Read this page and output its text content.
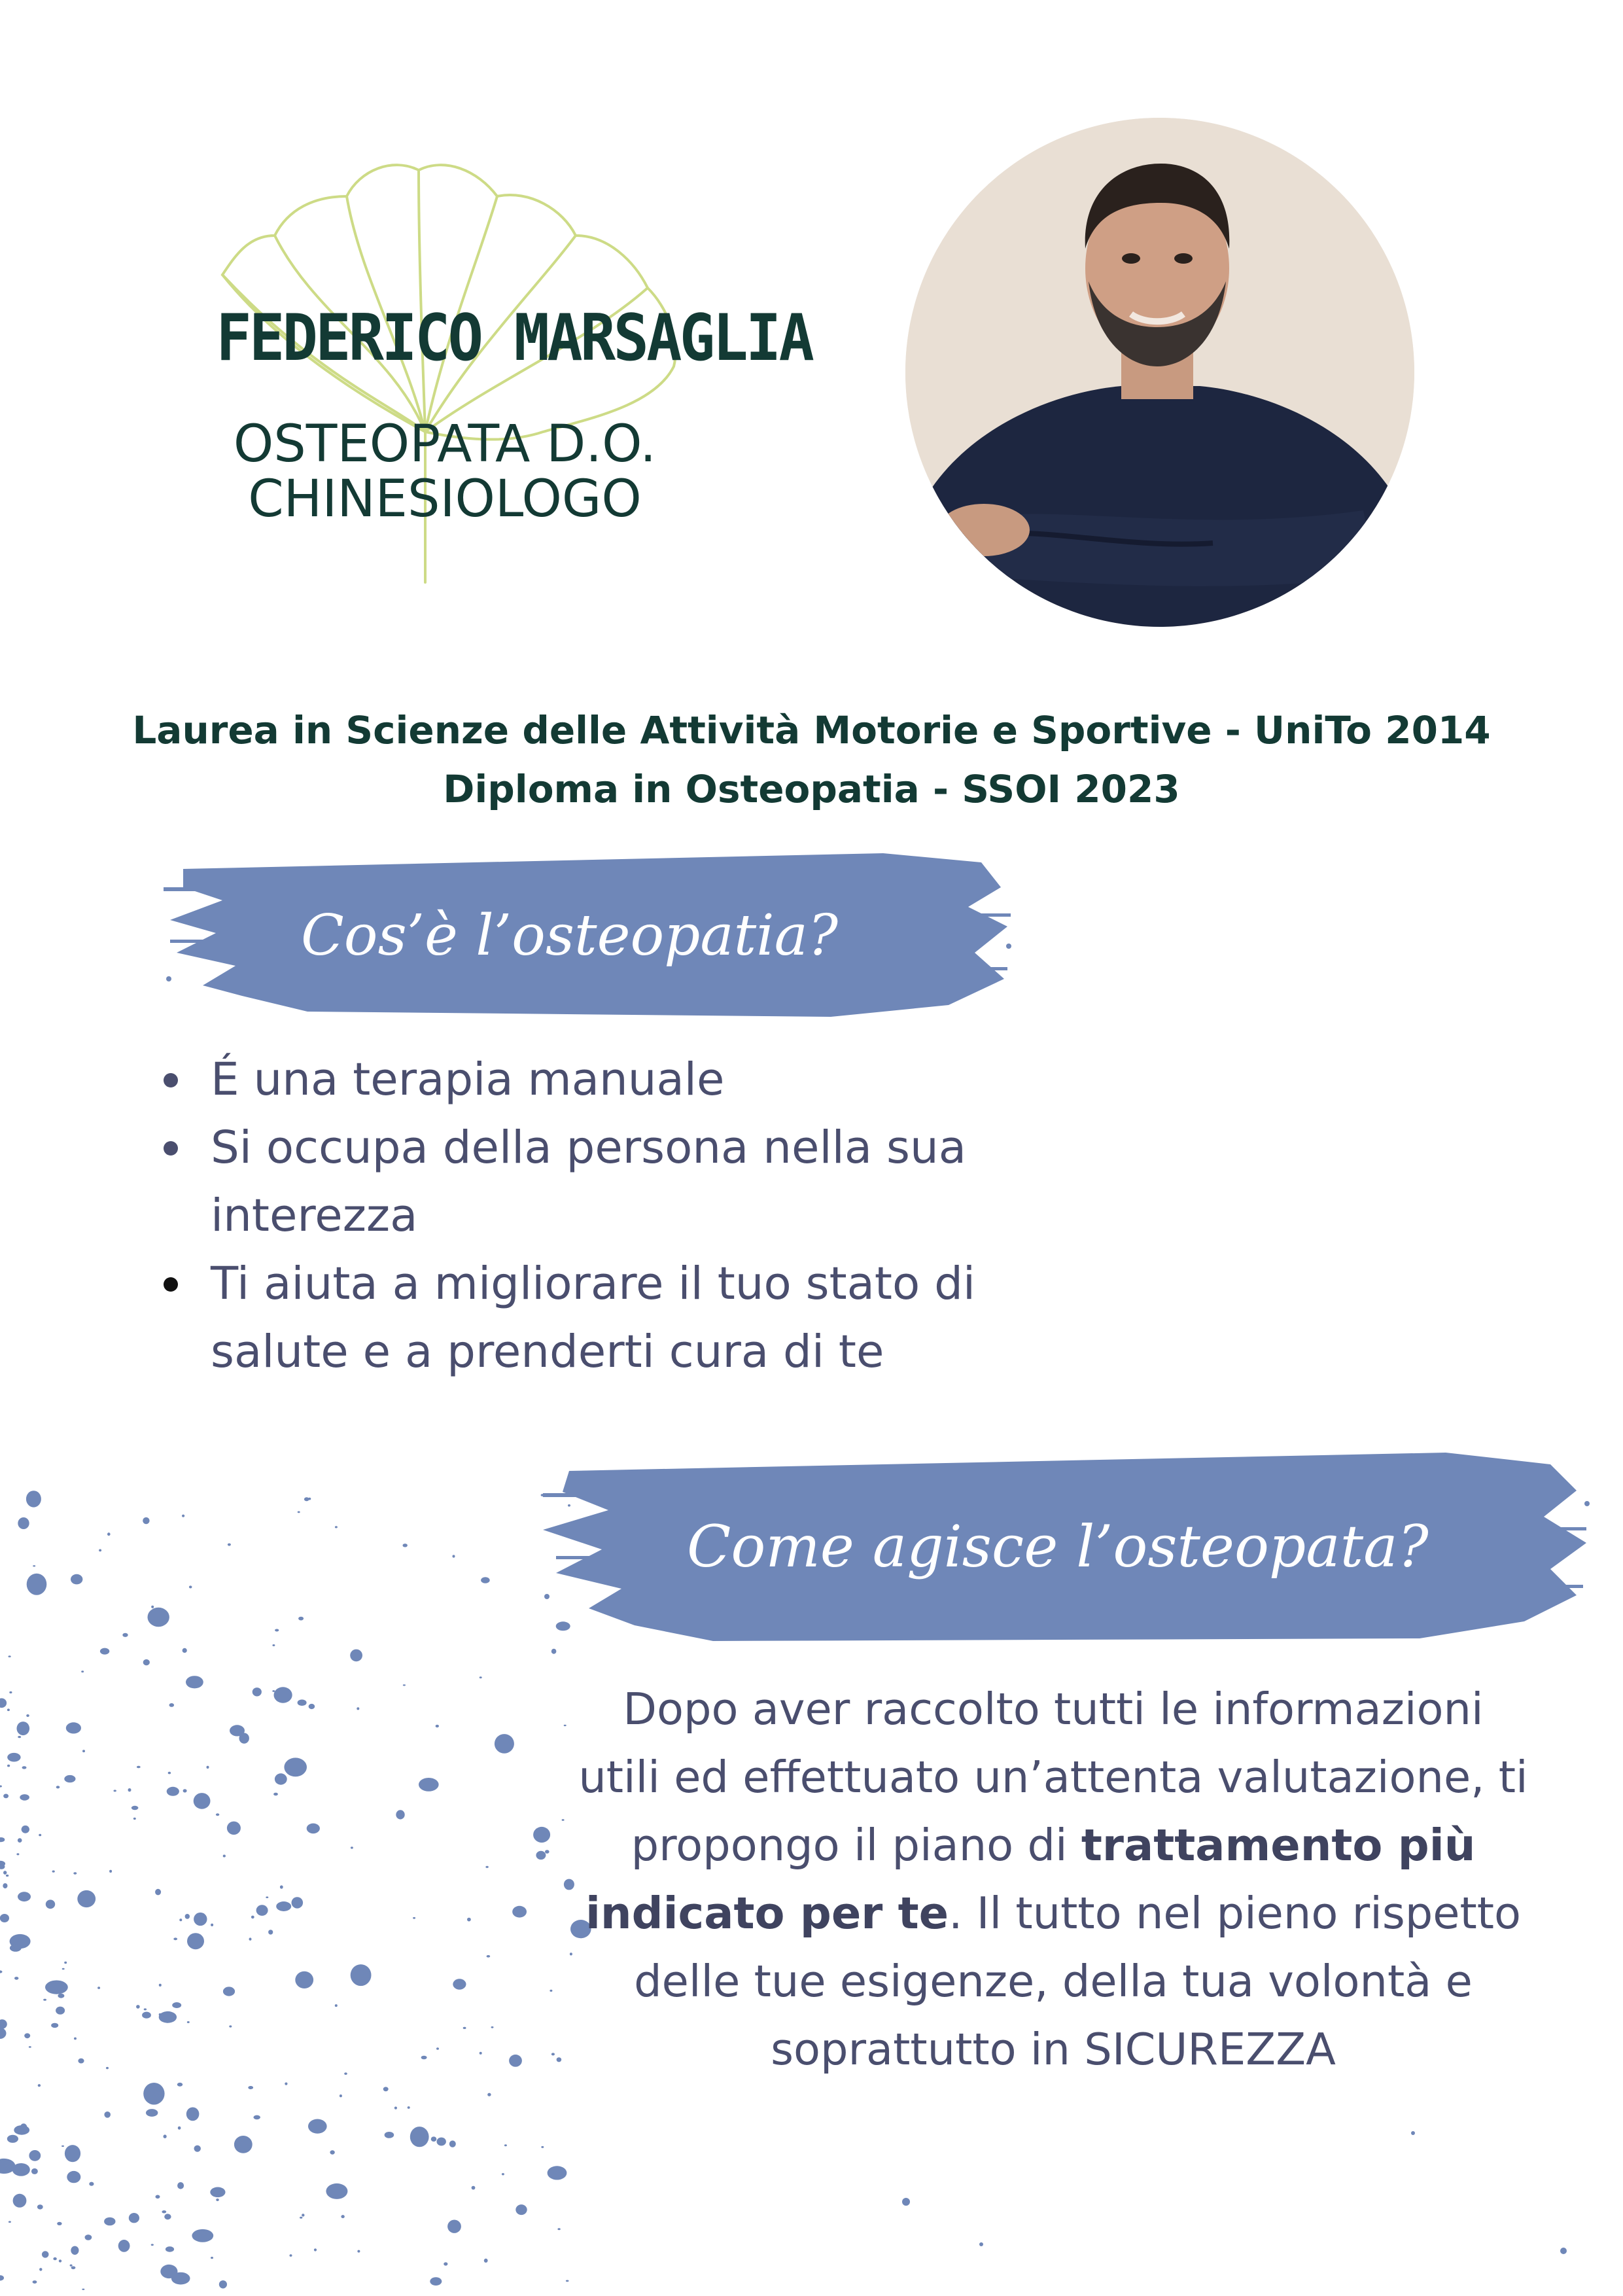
FEDERICO MARSAGLIA
OSTEOPATA D.O.
CHINESIOLOGO
Laurea in Scienze delle Attività Motorie e Sportive - UniTo 2014
Diploma in Osteopatia - SSOI 2023
Cos’è l’osteopatia?
É una terapia manuale
Si occupa della persona nella sua interezza
Ti aiuta a migliorare il tuo stato di salute e a prenderti cura di te
Come agisce l’osteopata?
Dopo aver raccolto tutti le informazioni utili ed effettuato un’attenta valutazione, ti propongo il piano di trattamento più indicato per te. Il tutto nel pieno rispetto delle tue esigenze, della tua volontà e soprattutto in SICUREZZA
